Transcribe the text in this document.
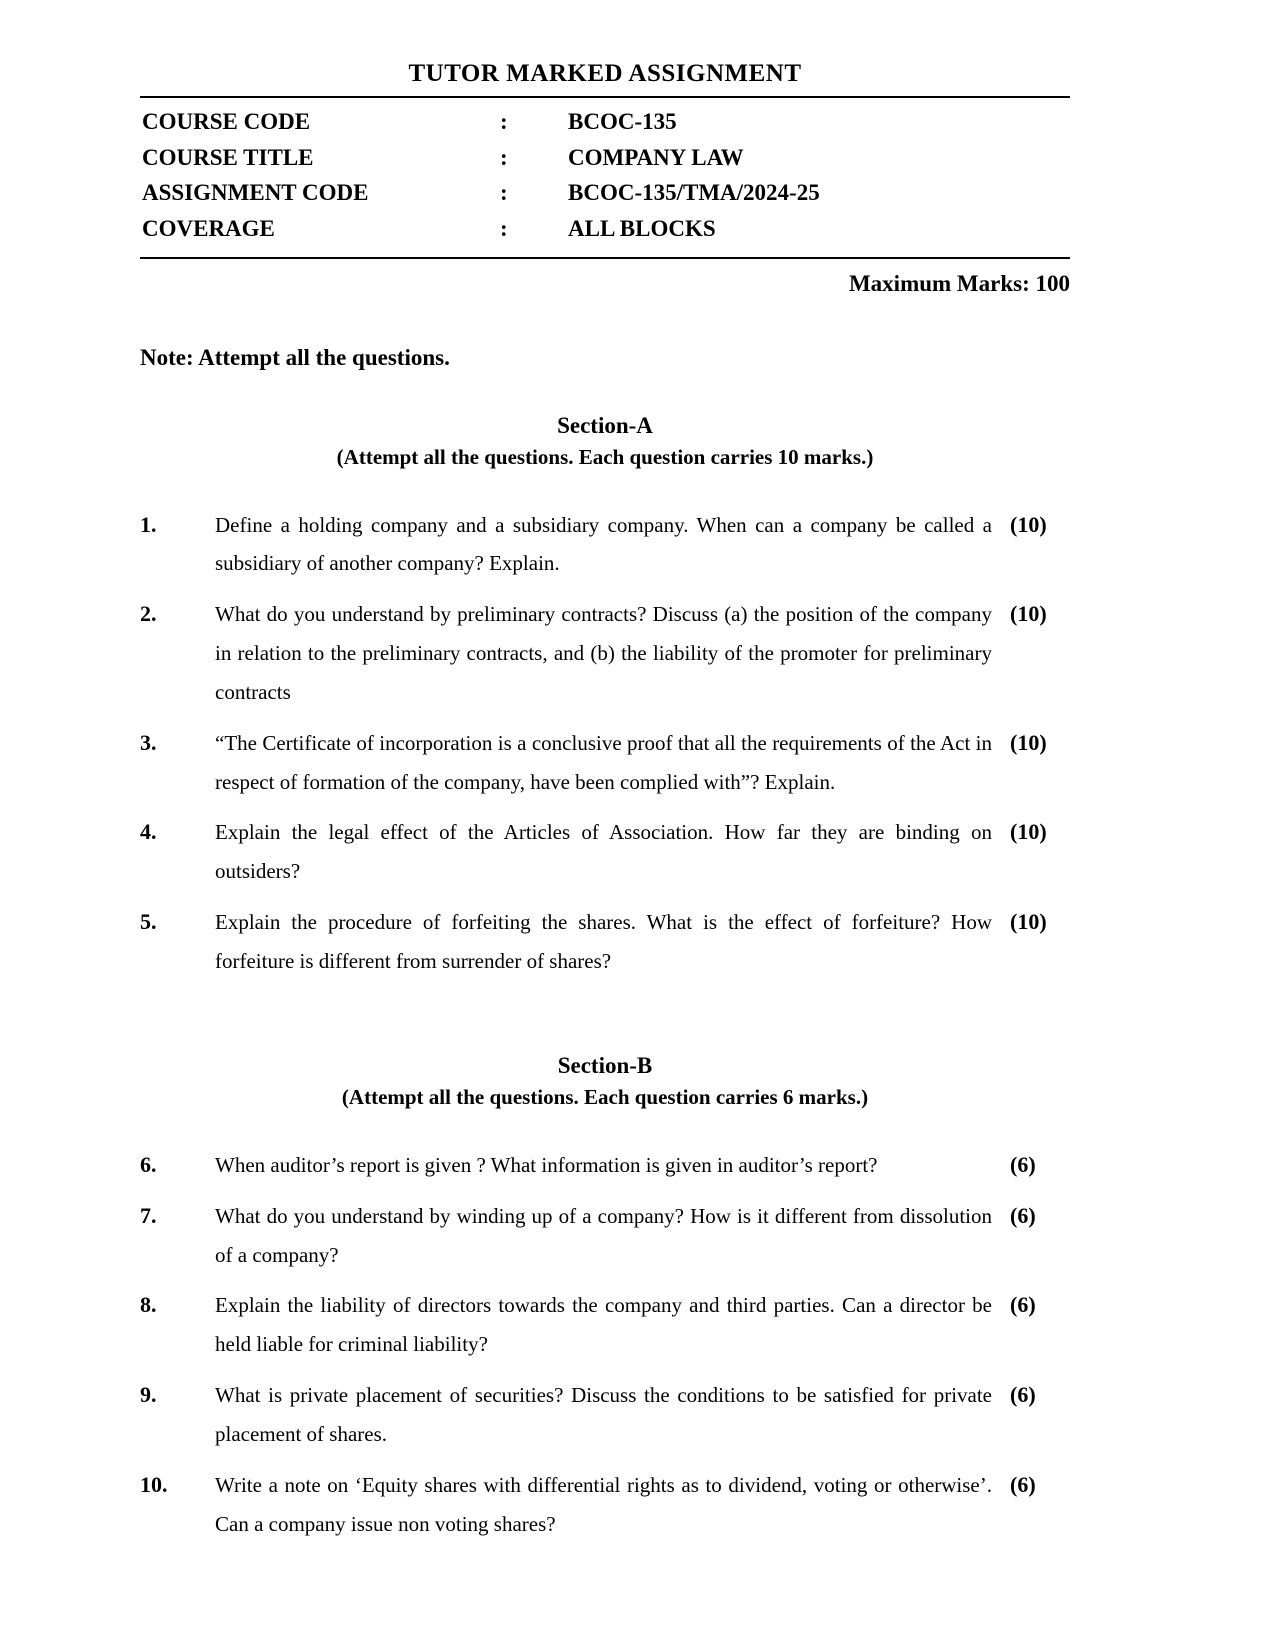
TUTOR MARKED ASSIGNMENT
COURSE CODE	:	BCOC-135
COURSE TITLE	:	COMPANY LAW
ASSIGNMENT CODE	:	BCOC-135/TMA/2024-25
COVERAGE	:	ALL BLOCKS
Maximum Marks: 100
Note: Attempt all the questions.
Section-A
(Attempt all the questions. Each question carries 10 marks.)
1.	Define a holding company and a subsidiary company. When can a company be called a subsidiary of another company? Explain.
(10)
2.	What do you understand by preliminary contracts? Discuss (a) the position of the company in relation to the preliminary contracts, and (b) the liability of the promoter for preliminary contracts
(10)
3.	“The Certificate of incorporation is a conclusive proof that all the requirements of the Act in respect of formation of the company, have been complied with”? Explain.
(10)
4.	Explain the legal effect of the Articles of Association. How far they are binding on outsiders?
(10)
5.	Explain the procedure of forfeiting the shares. What is the effect of forfeiture? How forfeiture is different from surrender of shares?
(10)
Section-B
(Attempt all the questions. Each question carries 6 marks.)
6.	When auditor’s report is given ? What information is given in auditor’s report?	(6)
7.	What do you understand by winding up of a company? How is it different from dissolution of a company?
(6)
8.	Explain the liability of directors towards the company and third parties. Can a director be held liable for criminal liability?
(6)
9.	What is private placement of securities? Discuss the conditions to be satisfied for private placement of shares.
(6)
10.	Write a note on ‘Equity shares with differential rights as to dividend, voting or otherwise’. Can a company issue non voting shares?
(6)
